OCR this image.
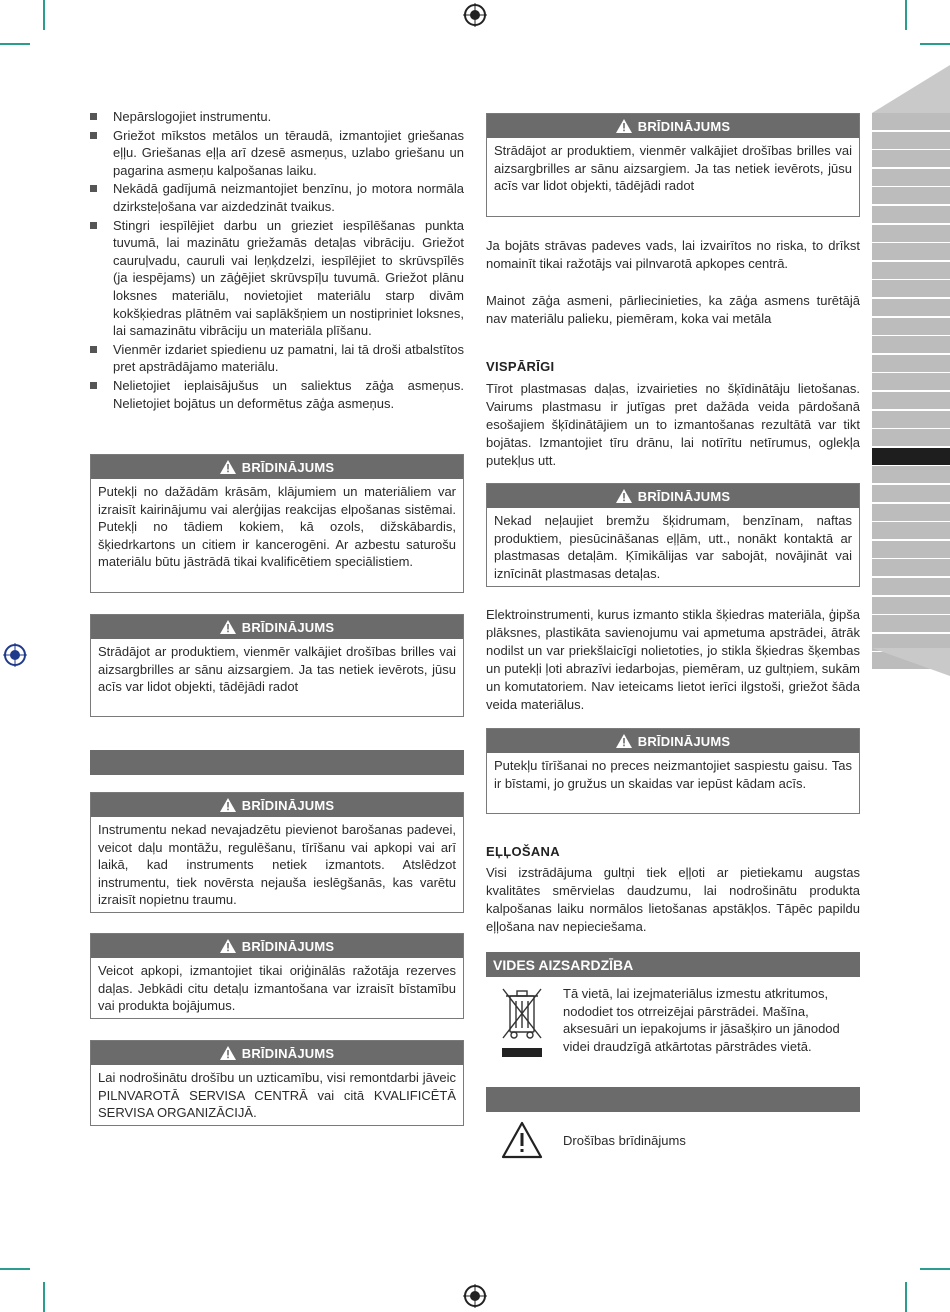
Nepārslogojiet instrumentu.
Griežot mīkstos metālos un tēraudā, izmantojiet griešanas eļļu. Griešanas eļļa arī dzesē asmeņus, uzlabo griešanu un pagarina asmeņu kalpošanas laiku.
Nekādā gadījumā neizmantojiet benzīnu, jo motora normāla dzirksteļošana var aizdedzināt tvaikus.
Stingri iespīlējiet darbu un grieziet iespīlēšanas punkta tuvumā, lai mazinātu griežamās detaļas vibrāciju. Griežot cauruļvadu, cauruli vai leņķdzelzi, iespīlējiet to skrūvspīlēs (ja iespējams) un zāģējiet skrūvspīļu tuvumā. Griežot plānu loksnes materiālu, novietojiet materiālu starp divām kokšķiedras plātnēm vai saplākšņiem un nostipriniet loksnes, lai samazinātu vibrāciju un materiāla plīšanu.
Vienmēr izdariet spiedienu uz pamatni, lai tā droši atbalstītos pret apstrādājamo materiālu.
Nelietojiet ieplaisājušus un saliektus zāģa asmeņus. Nelietojiet bojātus un deformētus zāģa asmeņus.
BRĪDINĀJUMS
Putekļi no dažādām krāsām, klājumiem un materiāliem var izraisīt kairinājumu vai alerģijas reakcijas elpošanas sistēmai. Putekļi no tādiem kokiem, kā ozols, dižskābardis, šķiedrkartons un citiem ir kancerogēni. Ar azbestu saturošu materiālu būtu jāstrādā tikai kvalificētiem speciālistiem.
BRĪDINĀJUMS
Strādājot ar produktiem, vienmēr valkājiet drošības brilles vai aizsargbrilles ar sānu aizsargiem. Ja tas netiek ievērots, jūsu acīs var lidot objekti, tādējādi radot
BRĪDINĀJUMS
Instrumentu nekad nevajadzētu pievienot barošanas padevei, veicot daļu montāžu, regulēšanu, tīrīšanu vai apkopi vai arī laikā, kad instruments netiek izmantots. Atslēdzot instrumentu, tiek novērsta nejauša ieslēgšanās, kas varētu izraisīt nopietnu traumu.
BRĪDINĀJUMS
Veicot apkopi, izmantojiet tikai oriģinālās ražotāja rezerves daļas. Jebkādi citu detaļu izmantošana var izraisīt bīstamību vai produkta bojājumus.
BRĪDINĀJUMS
Lai nodrošinātu drošību un uzticamību, visi remontdarbi jāveic PILNVAROTĀ SERVISA CENTRĀ vai citā KVALIFICĒTĀ SERVISA ORGANIZĀCIJĀ.
BRĪDINĀJUMS
Strādājot ar produktiem, vienmēr valkājiet drošības brilles vai aizsargbrilles ar sānu aizsargiem. Ja tas netiek ievērots, jūsu acīs var lidot objekti, tādējādi radot
Ja bojāts strāvas padeves vads, lai izvairītos no riska, to drīkst nomainīt tikai ražotājs vai pilnvarotā apkopes centrā.
Mainot zāģa asmeni, pārliecinieties, ka zāģa asmens turētājā nav materiālu palieku, piemēram, koka vai metāla
VISPĀRĪGI
Tīrot plastmasas daļas, izvairieties no šķīdinātāju lietošanas. Vairums plastmasu ir jutīgas pret dažāda veida pārdošanā esošajiem šķīdinātājiem un to izmantošanas rezultātā var tikt bojātas. Izmantojiet tīru drānu, lai notīrītu netīrumus, oglekļa putekļus utt.
BRĪDINĀJUMS
Nekad neļaujiet bremžu šķidrumam, benzīnam, naftas produktiem, piesūcināšanas eļļām, utt., nonākt kontaktā ar plastmasas detaļām. Ķīmikālijas var sabojāt, novājināt vai iznīcināt plastmasas detaļas.
Elektroinstrumenti, kurus izmanto stikla šķiedras materiāla, ģipša plāksnes, plastikāta savienojumu vai apmetuma apstrādei, ātrāk nodilst un var priekšlaicīgi nolietoties, jo stikla šķiedras šķembas un putekļi ļoti abrazīvi iedarbojas, piemēram, uz gultņiem, sukām un komutatoriem. Nav ieteicams lietot ierīci ilgstoši, griežot šāda veida materiālus.
BRĪDINĀJUMS
Putekļu tīrīšanai no preces neizmantojiet saspiestu gaisu. Tas ir bīstami, jo gružus un skaidas var iepūst kādam acīs.
EĻĻOŠANA
Visi izstrādājuma gultņi tiek eļļoti ar pietiekamu augstas kvalitātes smērvielas daudzumu, lai nodrošinātu produkta kalpošanas laiku normālos lietošanas apstākļos. Tāpēc papildu eļļošana nav nepieciešama.
VIDES AIZSARDZĪBA
Tā vietā, lai izejmateriālus izmestu atkritumos, nododiet tos otrreizējai pārstrādei. Mašīna, aksesuāri un iepakojums ir jāsašķiro un jānodod videi draudzīgā atkārtotas pārstrādes vietā.
Drošības brīdinājums
